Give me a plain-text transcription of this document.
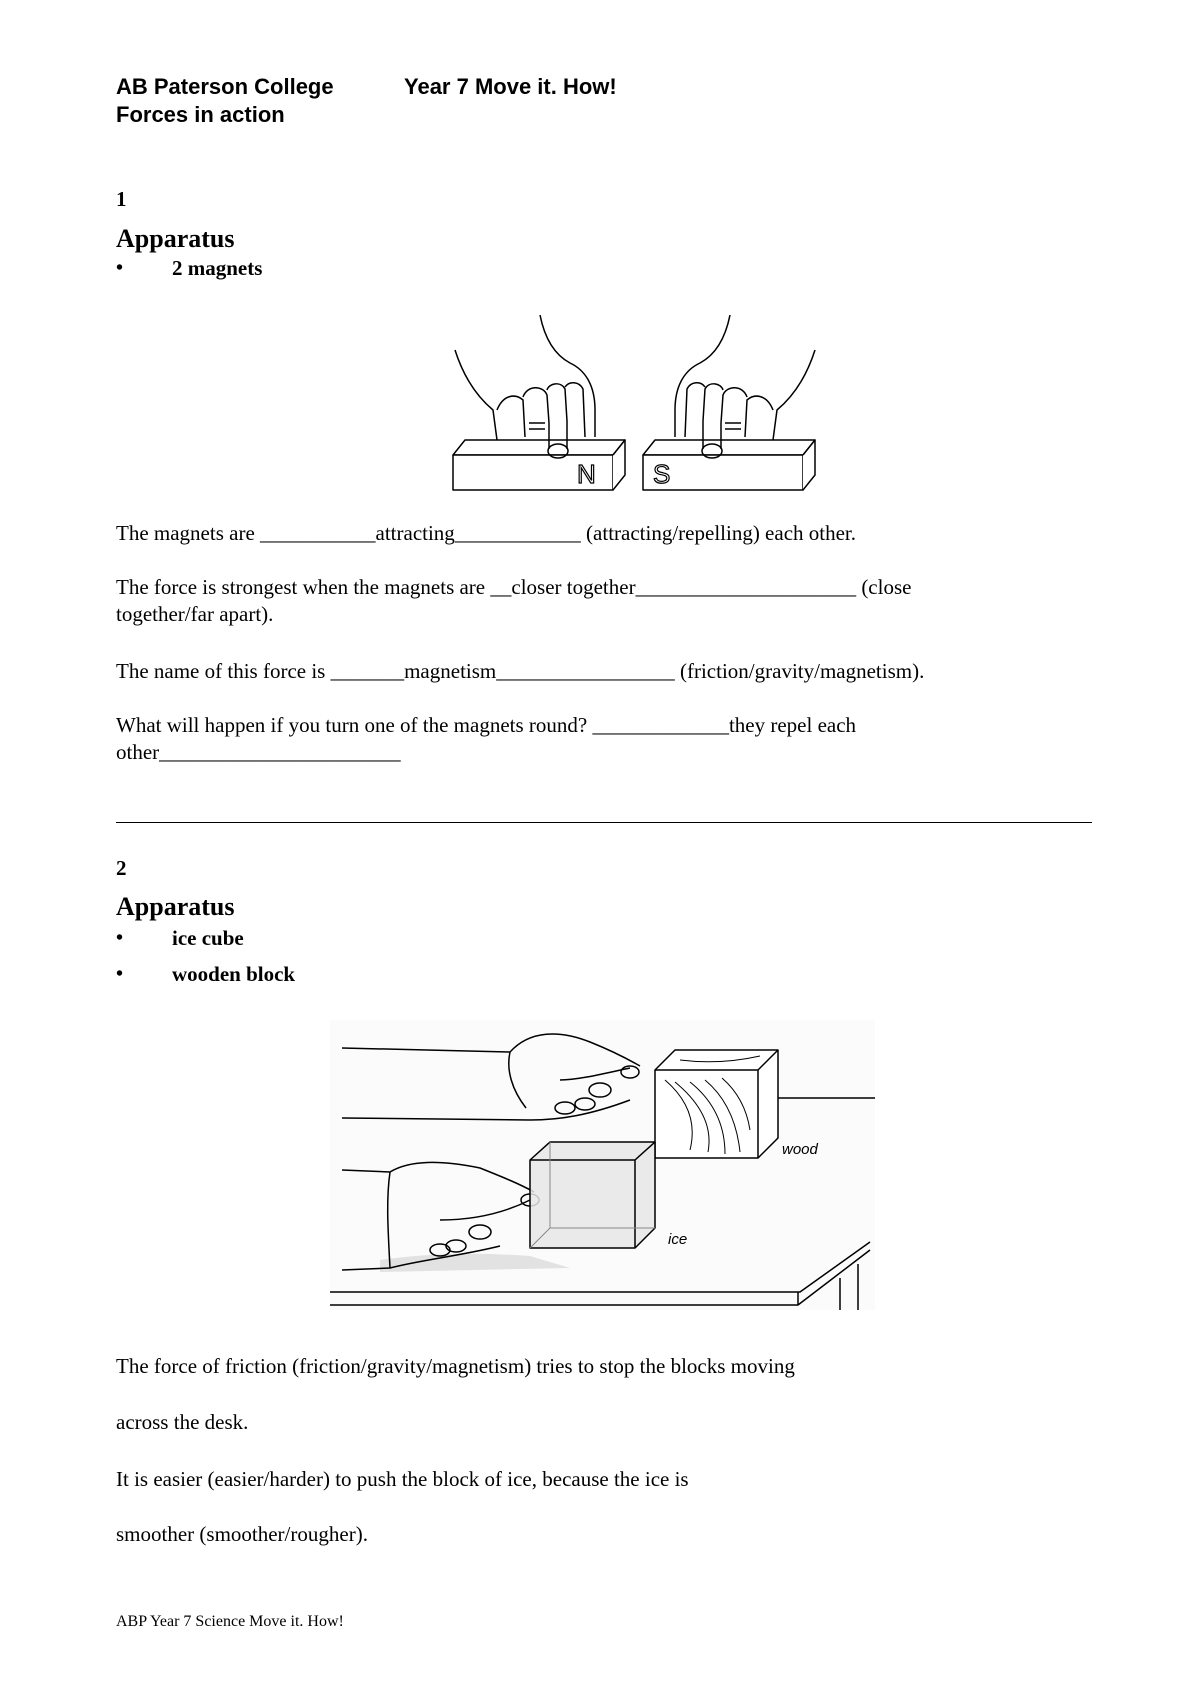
AB Paterson College	Year 7 Move it. How!
Forces in action
1
Apparatus
• 2 magnets
N S
The magnets are ___________attracting____________ (attracting/repelling) each other.
The force is strongest when the magnets are __closer together_____________________ (close
together/far apart).
The name of this force is _______magnetism_________________ (friction/gravity/magnetism).
What will happen if you turn one of the magnets round? _____________they repel each
other_______________________
2
Apparatus
• ice cube
• wooden block
wood
ice
The force of friction (friction/gravity/magnetism) tries to stop the blocks moving
across the desk.
It is easier (easier/harder) to push the block of ice, because the ice is
smoother (smoother/rougher).
ABP Year 7 Science Move it. How!
